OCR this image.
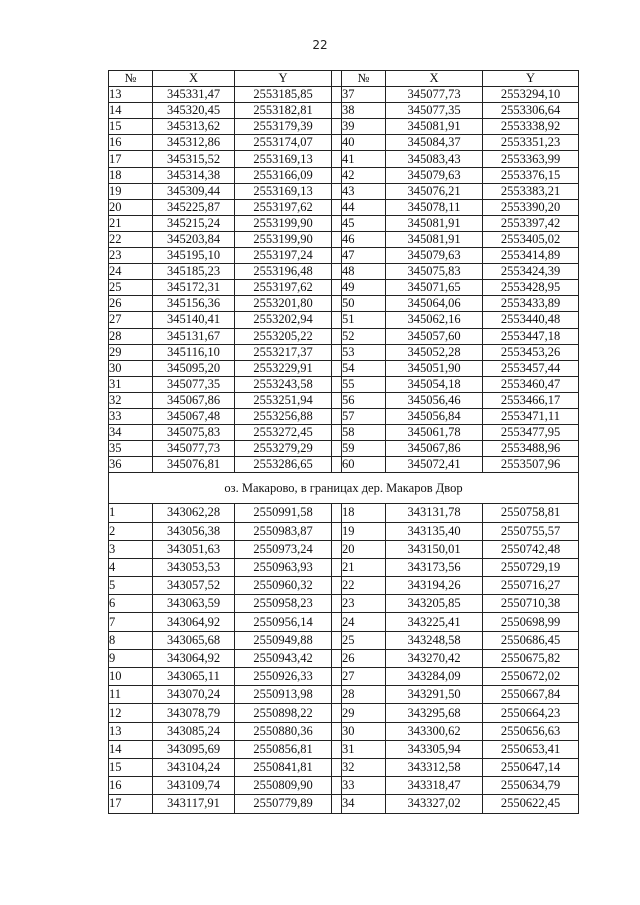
22
№	X	Y		№	X	Y
13	345331,47	2553185,85		37	345077,73	2553294,10
14	345320,45	2553182,81		38	345077,35	2553306,64
15	345313,62	2553179,39		39	345081,91	2553338,92
16	345312,86	2553174,07		40	345084,37	2553351,23
17	345315,52	2553169,13		41	345083,43	2553363,99
18	345314,38	2553166,09		42	345079,63	2553376,15
19	345309,44	2553169,13		43	345076,21	2553383,21
20	345225,87	2553197,62		44	345078,11	2553390,20
21	345215,24	2553199,90		45	345081,91	2553397,42
22	345203,84	2553199,90		46	345081,91	2553405,02
23	345195,10	2553197,24		47	345079,63	2553414,89
24	345185,23	2553196,48		48	345075,83	2553424,39
25	345172,31	2553197,62		49	345071,65	2553428,95
26	345156,36	2553201,80		50	345064,06	2553433,89
27	345140,41	2553202,94		51	345062,16	2553440,48
28	345131,67	2553205,22		52	345057,60	2553447,18
29	345116,10	2553217,37		53	345052,28	2553453,26
30	345095,20	2553229,91		54	345051,90	2553457,44
31	345077,35	2553243,58		55	345054,18	2553460,47
32	345067,86	2553251,94		56	345056,46	2553466,17
33	345067,48	2553256,88		57	345056,84	2553471,11
34	345075,83	2553272,45		58	345061,78	2553477,95
35	345077,73	2553279,29		59	345067,86	2553488,96
36	345076,81	2553286,65		60	345072,41	2553507,96
оз. Макарово, в границах дер. Макаров Двор						
1	343062,28	2550991,58		18	343131,78	2550758,81
2	343056,38	2550983,87		19	343135,40	2550755,57
3	343051,63	2550973,24		20	343150,01	2550742,48
4	343053,53	2550963,93		21	343173,56	2550729,19
5	343057,52	2550960,32		22	343194,26	2550716,27
6	343063,59	2550958,23		23	343205,85	2550710,38
7	343064,92	2550956,14		24	343225,41	2550698,99
8	343065,68	2550949,88		25	343248,58	2550686,45
9	343064,92	2550943,42		26	343270,42	2550675,82
10	343065,11	2550926,33		27	343284,09	2550672,02
11	343070,24	2550913,98		28	343291,50	2550667,84
12	343078,79	2550898,22		29	343295,68	2550664,23
13	343085,24	2550880,36		30	343300,62	2550656,63
14	343095,69	2550856,81		31	343305,94	2550653,41
15	343104,24	2550841,81		32	343312,58	2550647,14
16	343109,74	2550809,90		33	343318,47	2550634,79
17	343117,91	2550779,89		34	343327,02	2550622,45
